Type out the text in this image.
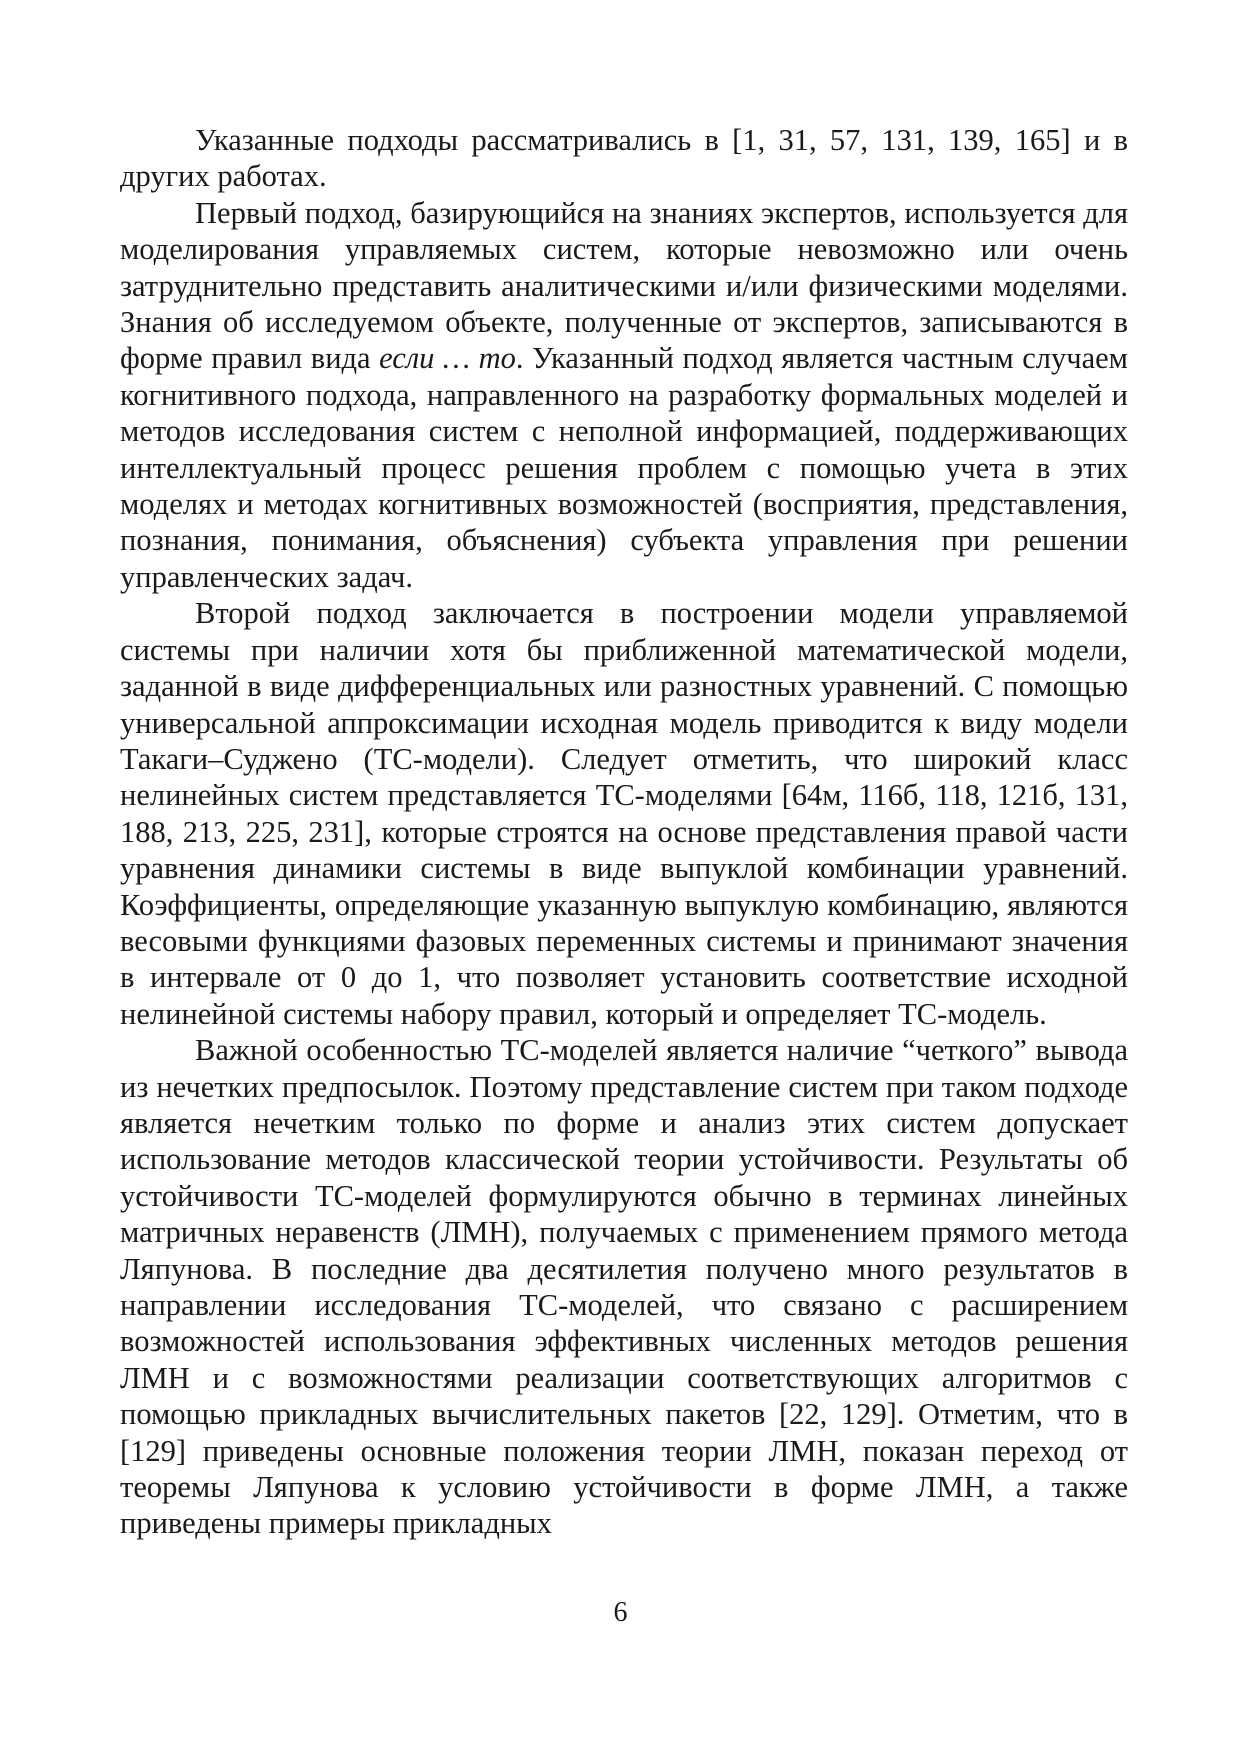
Указанные подходы рассматривались в [1, 31, 57, 131, 139, 165] и в других работах.

Первый подход, базирующийся на знаниях экспертов, используется для моделирования управляемых систем, которые невозможно или очень затруднительно представить аналитическими и/или физическими моделями. Знания об исследуемом объекте, полученные от экспертов, записываются в форме правил вида если … то. Указанный подход является частным случаем когнитивного подхода, направленного на разработку формальных моделей и методов исследования систем с неполной информацией, поддерживающих интеллектуальный процесс решения проблем с помощью учета в этих моделях и методах когнитивных возможностей (восприятия, представления, познания, понимания, объяснения) субъекта управления при решении управленческих задач.

Второй подход заключается в построении модели управляемой системы при наличии хотя бы приближенной математической модели, заданной в виде дифференциальных или разностных уравнений. С помощью универсальной аппроксимации исходная модель приводится к виду модели Такаги–Суджено (ТС-модели). Следует отметить, что широкий класс нелинейных систем представляется ТС-моделями [64м, 116б, 118, 121б, 131, 188, 213, 225, 231], которые строятся на основе представления правой части уравнения динамики системы в виде выпуклой комбинации уравнений. Коэффициенты, определяющие указанную выпуклую комбинацию, являются весовыми функциями фазовых переменных системы и принимают значения в интервале от 0 до 1, что позволяет установить соответствие исходной нелинейной системы набору правил, который и определяет ТС-модель.

Важной особенностью ТС-моделей является наличие “четкого” вывода из нечетких предпосылок. Поэтому представление систем при таком подходе является нечетким только по форме и анализ этих систем допускает использование методов классической теории устойчивости. Результаты об устойчивости ТС-моделей формулируются обычно в терминах линейных матричных неравенств (ЛМН), получаемых с применением прямого метода Ляпунова. В последние два десятилетия получено много результатов в направлении исследования ТС-моделей, что связано с расширением возможностей использования эффективных численных методов решения ЛМН и с возможностями реализации соответствующих алгоритмов с помощью прикладных вычислительных пакетов [22, 129]. Отметим, что в [129] приведены основные положения теории ЛМН, показан переход от теоремы Ляпунова к условию устойчивости в форме ЛМН, а также приведены примеры прикладных

6
